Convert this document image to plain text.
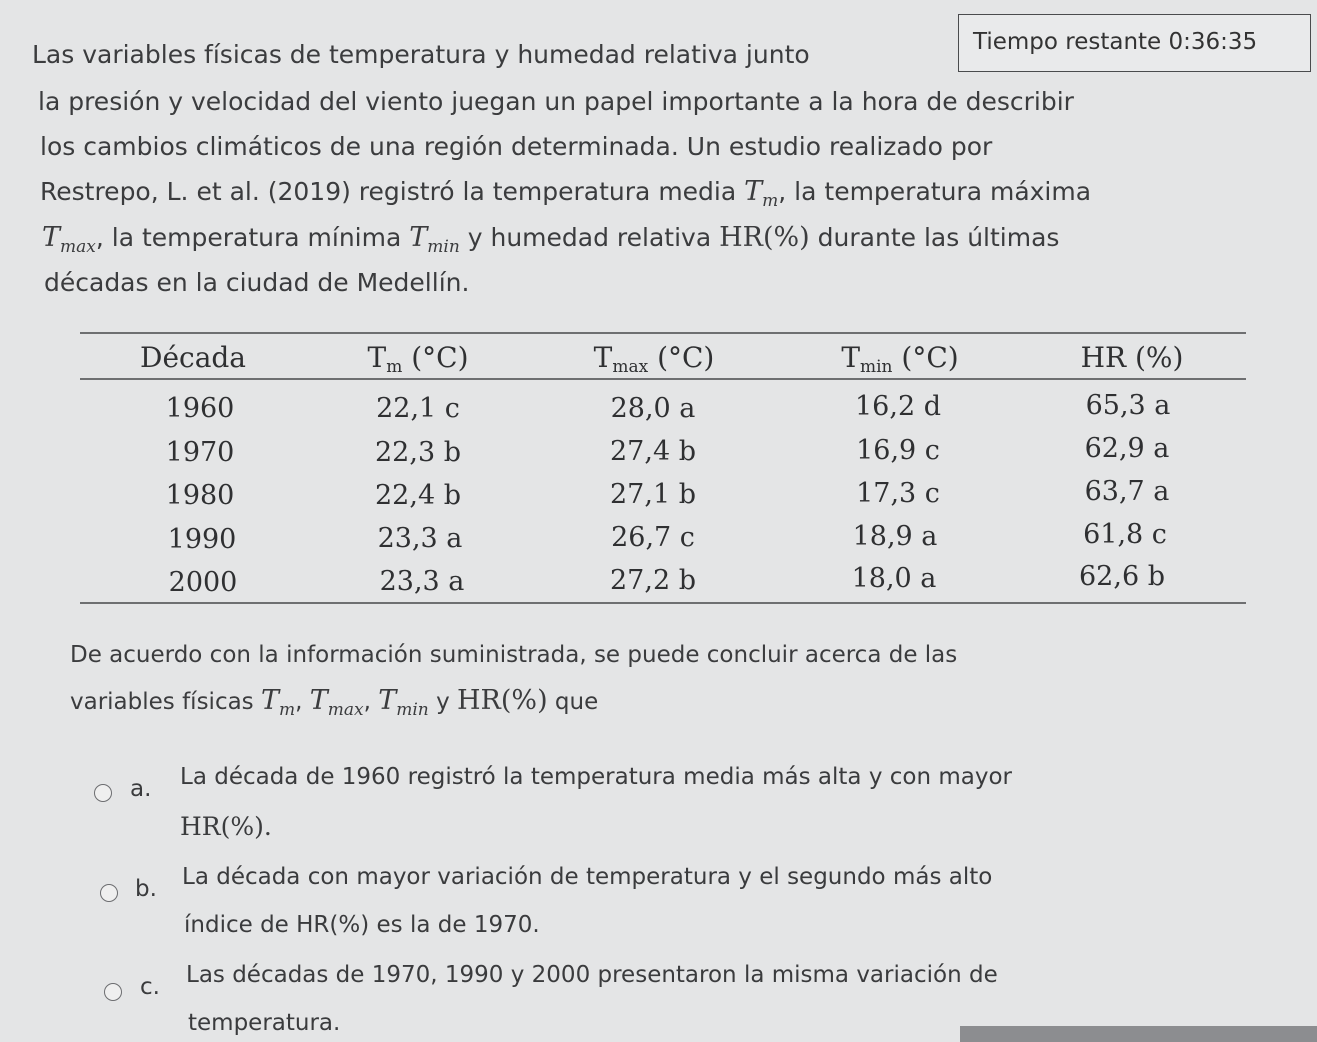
Las variables físicas de temperatura y humedad relativa junto	Tiempo restante 0:36:35
la presión y velocidad del viento juegan un papel importante a la hora de describir
los cambios climáticos de una región determinada. Un estudio realizado por
Restrepo, L. et al. (2019) registró la temperatura media $T_m$, la temperatura máxima
$T_{max}$, la temperatura mínima $T_{min}$ y humedad relativa HR(%) durante las últimas
décadas en la ciudad de Medellín.
Década	Tm (°C)	Tmax (°C)	Tmin (°C)	HR (%)
1960	22,1 c	28,0 a	16,2 d	65,3 a
1970	22,3 b	27,4 b	16,9 c	62,9 a
1980	22,4 b	27,1 b	17,3 c	63,7 a
1990	23,3 a	26,7 c	18,9 a	61,8 c
2000	23,3 a	27,2 b	18,0 a	62,6 b
De acuerdo con la información suministrada, se puede concluir acerca de las
variables físicas $T_m$, $T_{max}$, $T_{min}$ y HR(%) que
a. La década de 1960 registró la temperatura media más alta y con mayor
HR(%).
b. La década con mayor variación de temperatura y el segundo más alto
índice de HR(%) es la de 1970.
c. Las décadas de 1970, 1990 y 2000 presentaron la misma variación de
temperatura.
